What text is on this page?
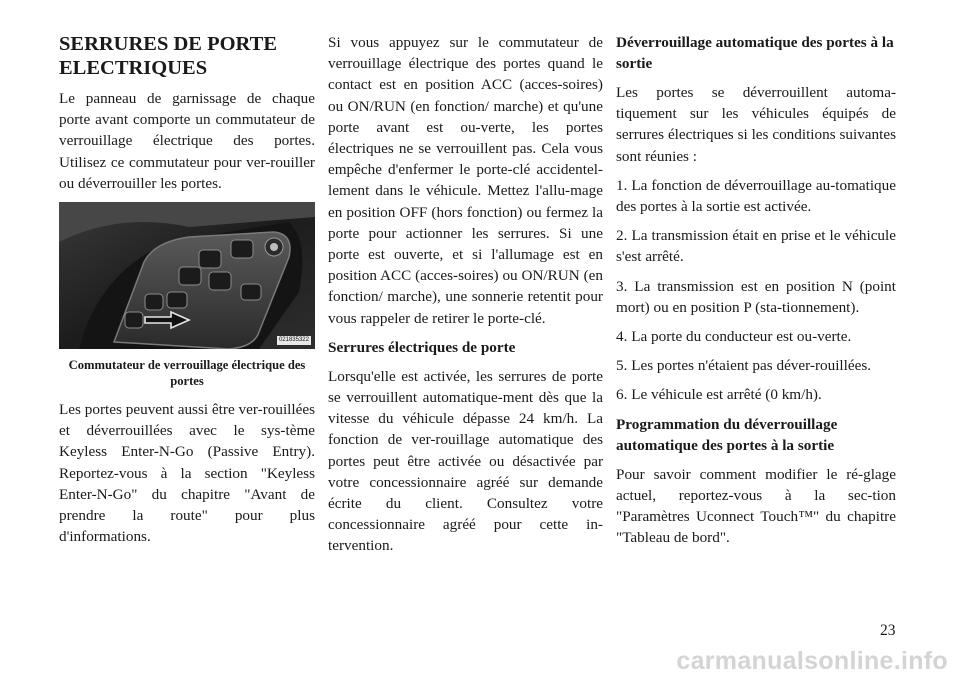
SERRURES DE PORTE ELECTRIQUES

Le panneau de garnissage de chaque porte avant comporte un commutateur de verrouillage électrique des portes. Utilisez ce commutateur pour ver-rouiller ou déverrouiller les portes.

021835322
Commutateur de verrouillage électrique des portes

Les portes peuvent aussi être ver-rouillées et déverrouillées avec le sys-tème Keyless Enter-N-Go (Passive Entry). Reportez-vous à la section "Keyless Enter-N-Go" du chapitre "Avant de prendre la route" pour plus d'informations.

Si vous appuyez sur le commutateur de verrouillage électrique des portes quand le contact est en position ACC (acces-soires) ou ON/RUN (en fonction/ marche) et qu'une porte avant est ou-verte, les portes électriques ne se verrouillent pas. Cela vous empêche d'enfermer le porte-clé accidentel-lement dans le véhicule. Mettez l'allu-mage en position OFF (hors fonction) ou fermez la porte pour actionner les serrures. Si une porte est ouverte, et si l'allumage est en position ACC (acces-soires) ou ON/RUN (en fonction/ marche), une sonnerie retentit pour vous rappeler de retirer le porte-clé.

Serrures électriques de porte

Lorsqu'elle est activée, les serrures de porte se verrouillent automatique-ment dès que la vitesse du véhicule dépasse 24 km/h. La fonction de ver-rouillage automatique des portes peut être activée ou désactivée par votre concessionnaire agréé sur demande écrite du client. Consultez votre concessionnaire agréé pour cette in-tervention.

Déverrouillage automatique des portes à la sortie

Les portes se déverrouillent automa-tiquement sur les véhicules équipés de serrures électriques si les conditions suivantes sont réunies :

1. La fonction de déverrouillage au-tomatique des portes à la sortie est activée.

2. La transmission était en prise et le véhicule s'est arrêté.

3. La transmission est en position N (point mort) ou en position P (sta-tionnement).

4. La porte du conducteur est ou-verte.

5. Les portes n'étaient pas déver-rouillées.

6. Le véhicule est arrêté (0 km/h).

Programmation du déverrouillage automatique des portes à la sortie

Pour savoir comment modifier le ré-glage actuel, reportez-vous à la sec-tion "Paramètres Uconnect Touch™" du chapitre "Tableau de bord".

23
carmanualsonline.info
